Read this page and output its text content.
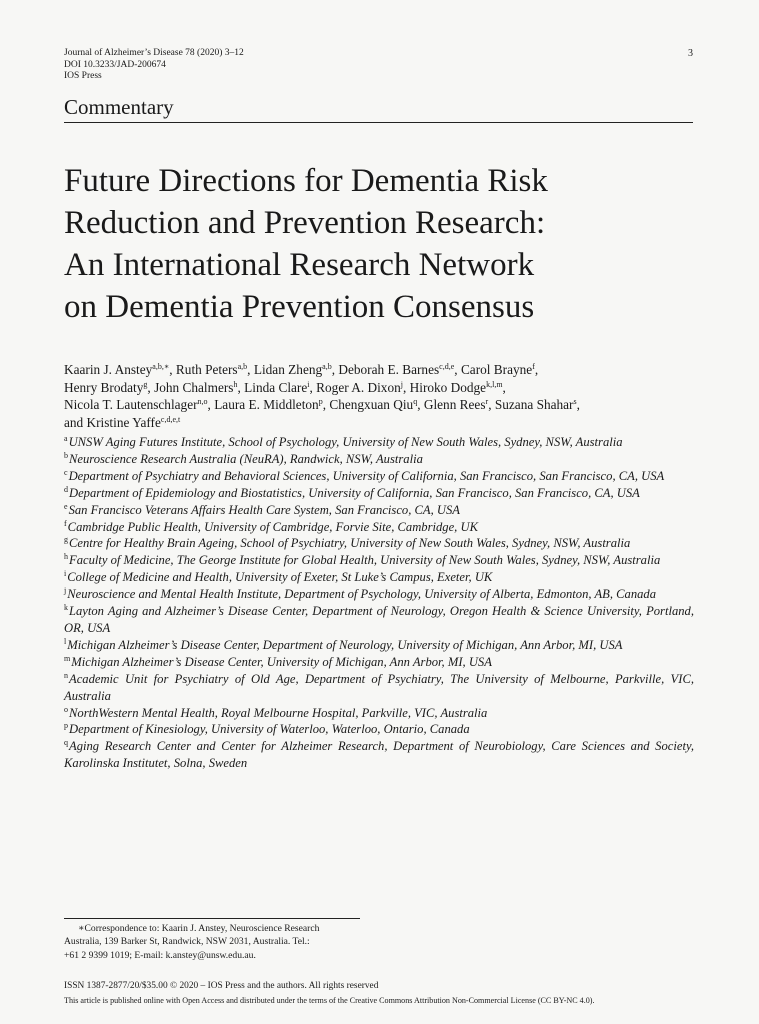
Journal of Alzheimer’s Disease 78 (2020) 3–12
DOI 10.3233/JAD-200674
IOS Press
3
Commentary
Future Directions for Dementia Risk
Reduction and Prevention Research:
An International Research Network
on Dementia Prevention Consensus
Kaarin J. Anstey$^{a,b,∗}$, Ruth Peters$^{a,b}$, Lidan Zheng$^{a,b}$, Deborah E. Barnes$^{c,d,e}$, Carol Brayne$^f$,
Henry Brodaty$^g$, John Chalmers$^h$, Linda Clare$^i$, Roger A. Dixon$^j$, Hiroko Dodge$^{k,l,m}$,
Nicola T. Lautenschlager$^{n,o}$, Laura E. Middleton$^p$, Chengxuan Qiu$^q$, Glenn Rees$^r$, Suzana Shahar$^s$,
and Kristine Yaffe$^{c,d,e,t}$

$^a$UNSW Aging Futures Institute, School of Psychology, University of New South Wales, Sydney, NSW, Australia

$^b$Neuroscience Research Australia (NeuRA), Randwick, NSW, Australia

$^c$Department of Psychiatry and Behavioral Sciences, University of California, San Francisco, San Francisco, CA, USA

$^d$Department of Epidemiology and Biostatistics, University of California, San Francisco, San Francisco, CA, USA

$^e$San Francisco Veterans Affairs Health Care System, San Francisco, CA, USA

$^f$Cambridge Public Health, University of Cambridge, Forvie Site, Cambridge, UK

$^g$Centre for Healthy Brain Ageing, School of Psychiatry, University of New South Wales, Sydney, NSW, Australia

$^h$Faculty of Medicine, The George Institute for Global Health, University of New South Wales, Sydney, NSW, Australia

$^i$College of Medicine and Health, University of Exeter, St Luke’s Campus, Exeter, UK

$^j$Neuroscience and Mental Health Institute, Department of Psychology, University of Alberta, Edmonton, AB, Canada

$^k$Layton Aging and Alzheimer’s Disease Center, Department of Neurology, Oregon Health & Science University, Portland, OR, USA

$^l$Michigan Alzheimer’s Disease Center, Department of Neurology, University of Michigan, Ann Arbor, MI, USA

$^m$Michigan Alzheimer’s Disease Center, University of Michigan, Ann Arbor, MI, USA

$^n$Academic Unit for Psychiatry of Old Age, Department of Psychiatry, The University of Melbourne, Parkville, VIC, Australia

$^o$NorthWestern Mental Health, Royal Melbourne Hospital, Parkville, VIC, Australia

$^p$Department of Kinesiology, University of Waterloo, Waterloo, Ontario, Canada

$^q$Aging Research Center and Center for Alzheimer Research, Department of Neurobiology, Care Sciences and Society, Karolinska Institutet, Solna, Sweden

∗Correspondence to: Kaarin J. Anstey, Neuroscience Research
Australia, 139 Barker St, Randwick, NSW 2031, Australia. Tel.:
+61 2 9399 1019; E-mail: k.anstey@unsw.edu.au.
ISSN 1387-2877/20/$35.00 © 2020 – IOS Press and the authors. All rights reserved
This article is published online with Open Access and distributed under the terms of the Creative Commons Attribution Non-Commercial License (CC BY-NC 4.0).
